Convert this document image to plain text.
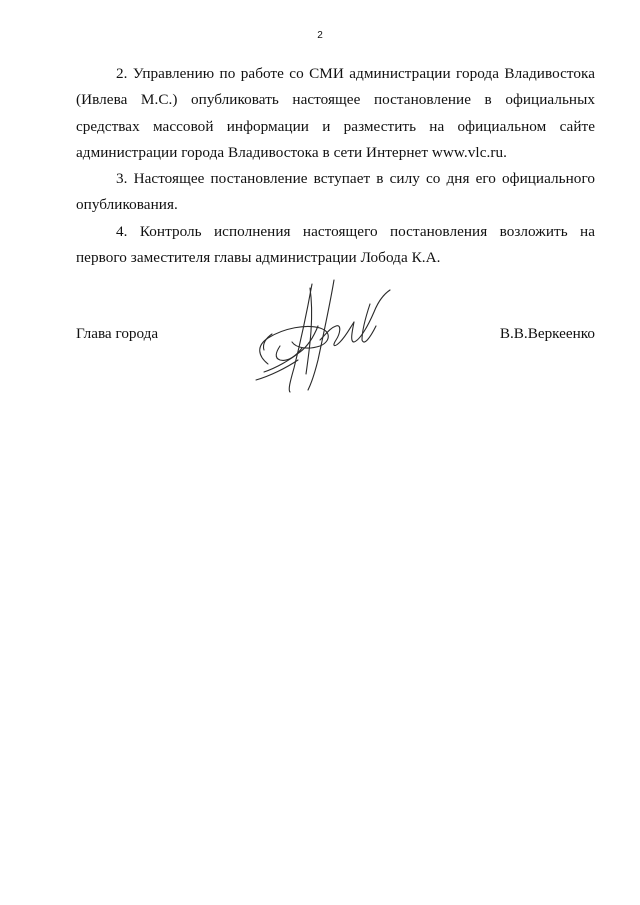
2

2. Управлению по работе со СМИ администрации города Владивостока (Ивлева М.С.) опубликовать настоящее постановление в официальных средствах массовой информации и разместить на официальном сайте администрации города Владивостока в сети Интернет www.vlc.ru.

3. Настоящее постановление вступает в силу со дня его официального опубликования.

4. Контроль исполнения настоящего постановления возложить на первого заместителя главы администрации Лобода К.А.

Глава города	В.В.Веркеенко
